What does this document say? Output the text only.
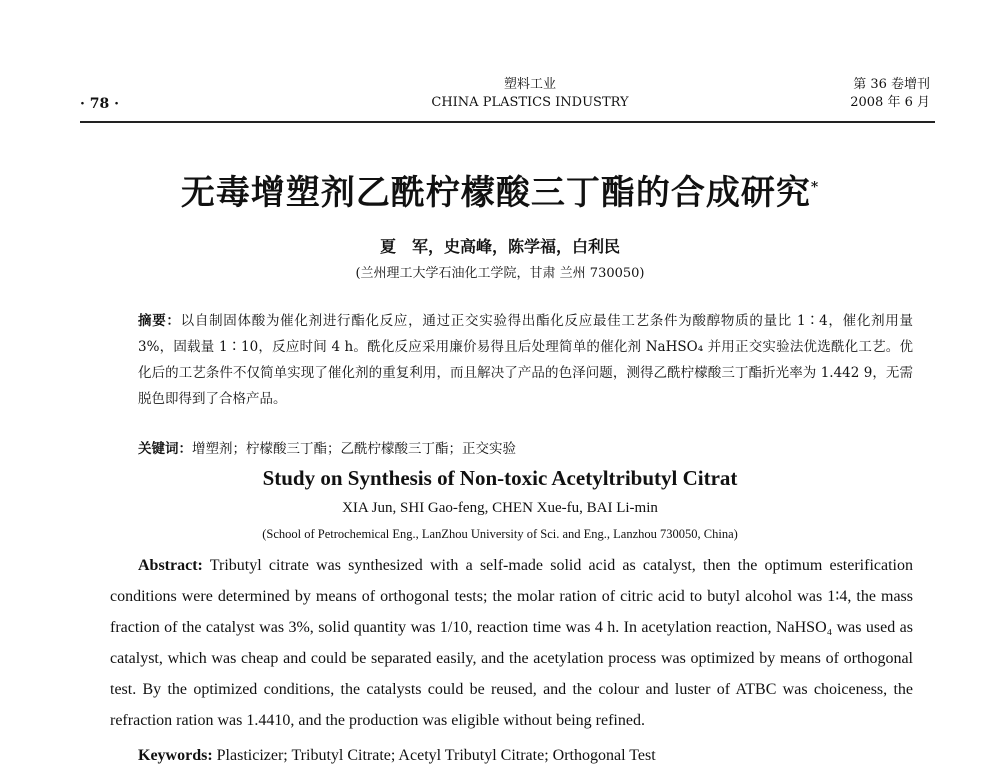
· 78 ·
塑料工业
CHINA PLASTICS INDUSTRY
第 36 卷增刊
2008 年 6 月
无毒增塑剂乙酰柠檬酸三丁酯的合成研究*
夏　军，史高峰，陈学福，白利民
(兰州理工大学石油化工学院，甘肃 兰州 730050)

摘要：以自制固体酸为催化剂进行酯化反应，通过正交实验得出酯化反应最佳工艺条件为酸醇物质的量比 1∶4，催化剂用量 3%，固载量 1∶10，反应时间 4 h。酰化反应采用廉价易得且后处理简单的催化剂 NaHSO₄ 并用正交实验法优选酰化工艺。优化后的工艺条件不仅简单实现了催化剂的重复利用，而且解决了产品的色泽问题，测得乙酰柠檬酸三丁酯折光率为 1.442 9，无需脱色即得到了合格产品。

关键词：增塑剂；柠檬酸三丁酯；乙酰柠檬酸三丁酯；正交实验
Study on Synthesis of Non-toxic Acetyltributyl Citrat
XIA Jun, SHI Gao-feng, CHEN Xue-fu, BAI Li-min
(School of Petrochemical Eng., LanZhou University of Sci. and Eng., Lanzhou 730050, China)

Abstract: Tributyl citrate was synthesized with a self-made solid acid as catalyst, then the optimum esterification conditions were determined by means of orthogonal tests; the molar ration of citric acid to butyl alcohol was 1∶4, the mass fraction of the catalyst was 3%, solid quantity was 1/10, reaction time was 4 h. In acetylation reaction, NaHSO₄ was used as catalyst, which was cheap and could be separated easily, and the acetylation process was optimized by means of orthogonal test. By the optimized conditions, the catalysts could be reused, and the colour and luster of ATBC was choiceness, the refraction ration was 1.4410, and the production was eligible without being refined.

Keywords: Plasticizer; Tributyl Citrate; Acetyl Tributyl Citrate; Orthogonal Test
